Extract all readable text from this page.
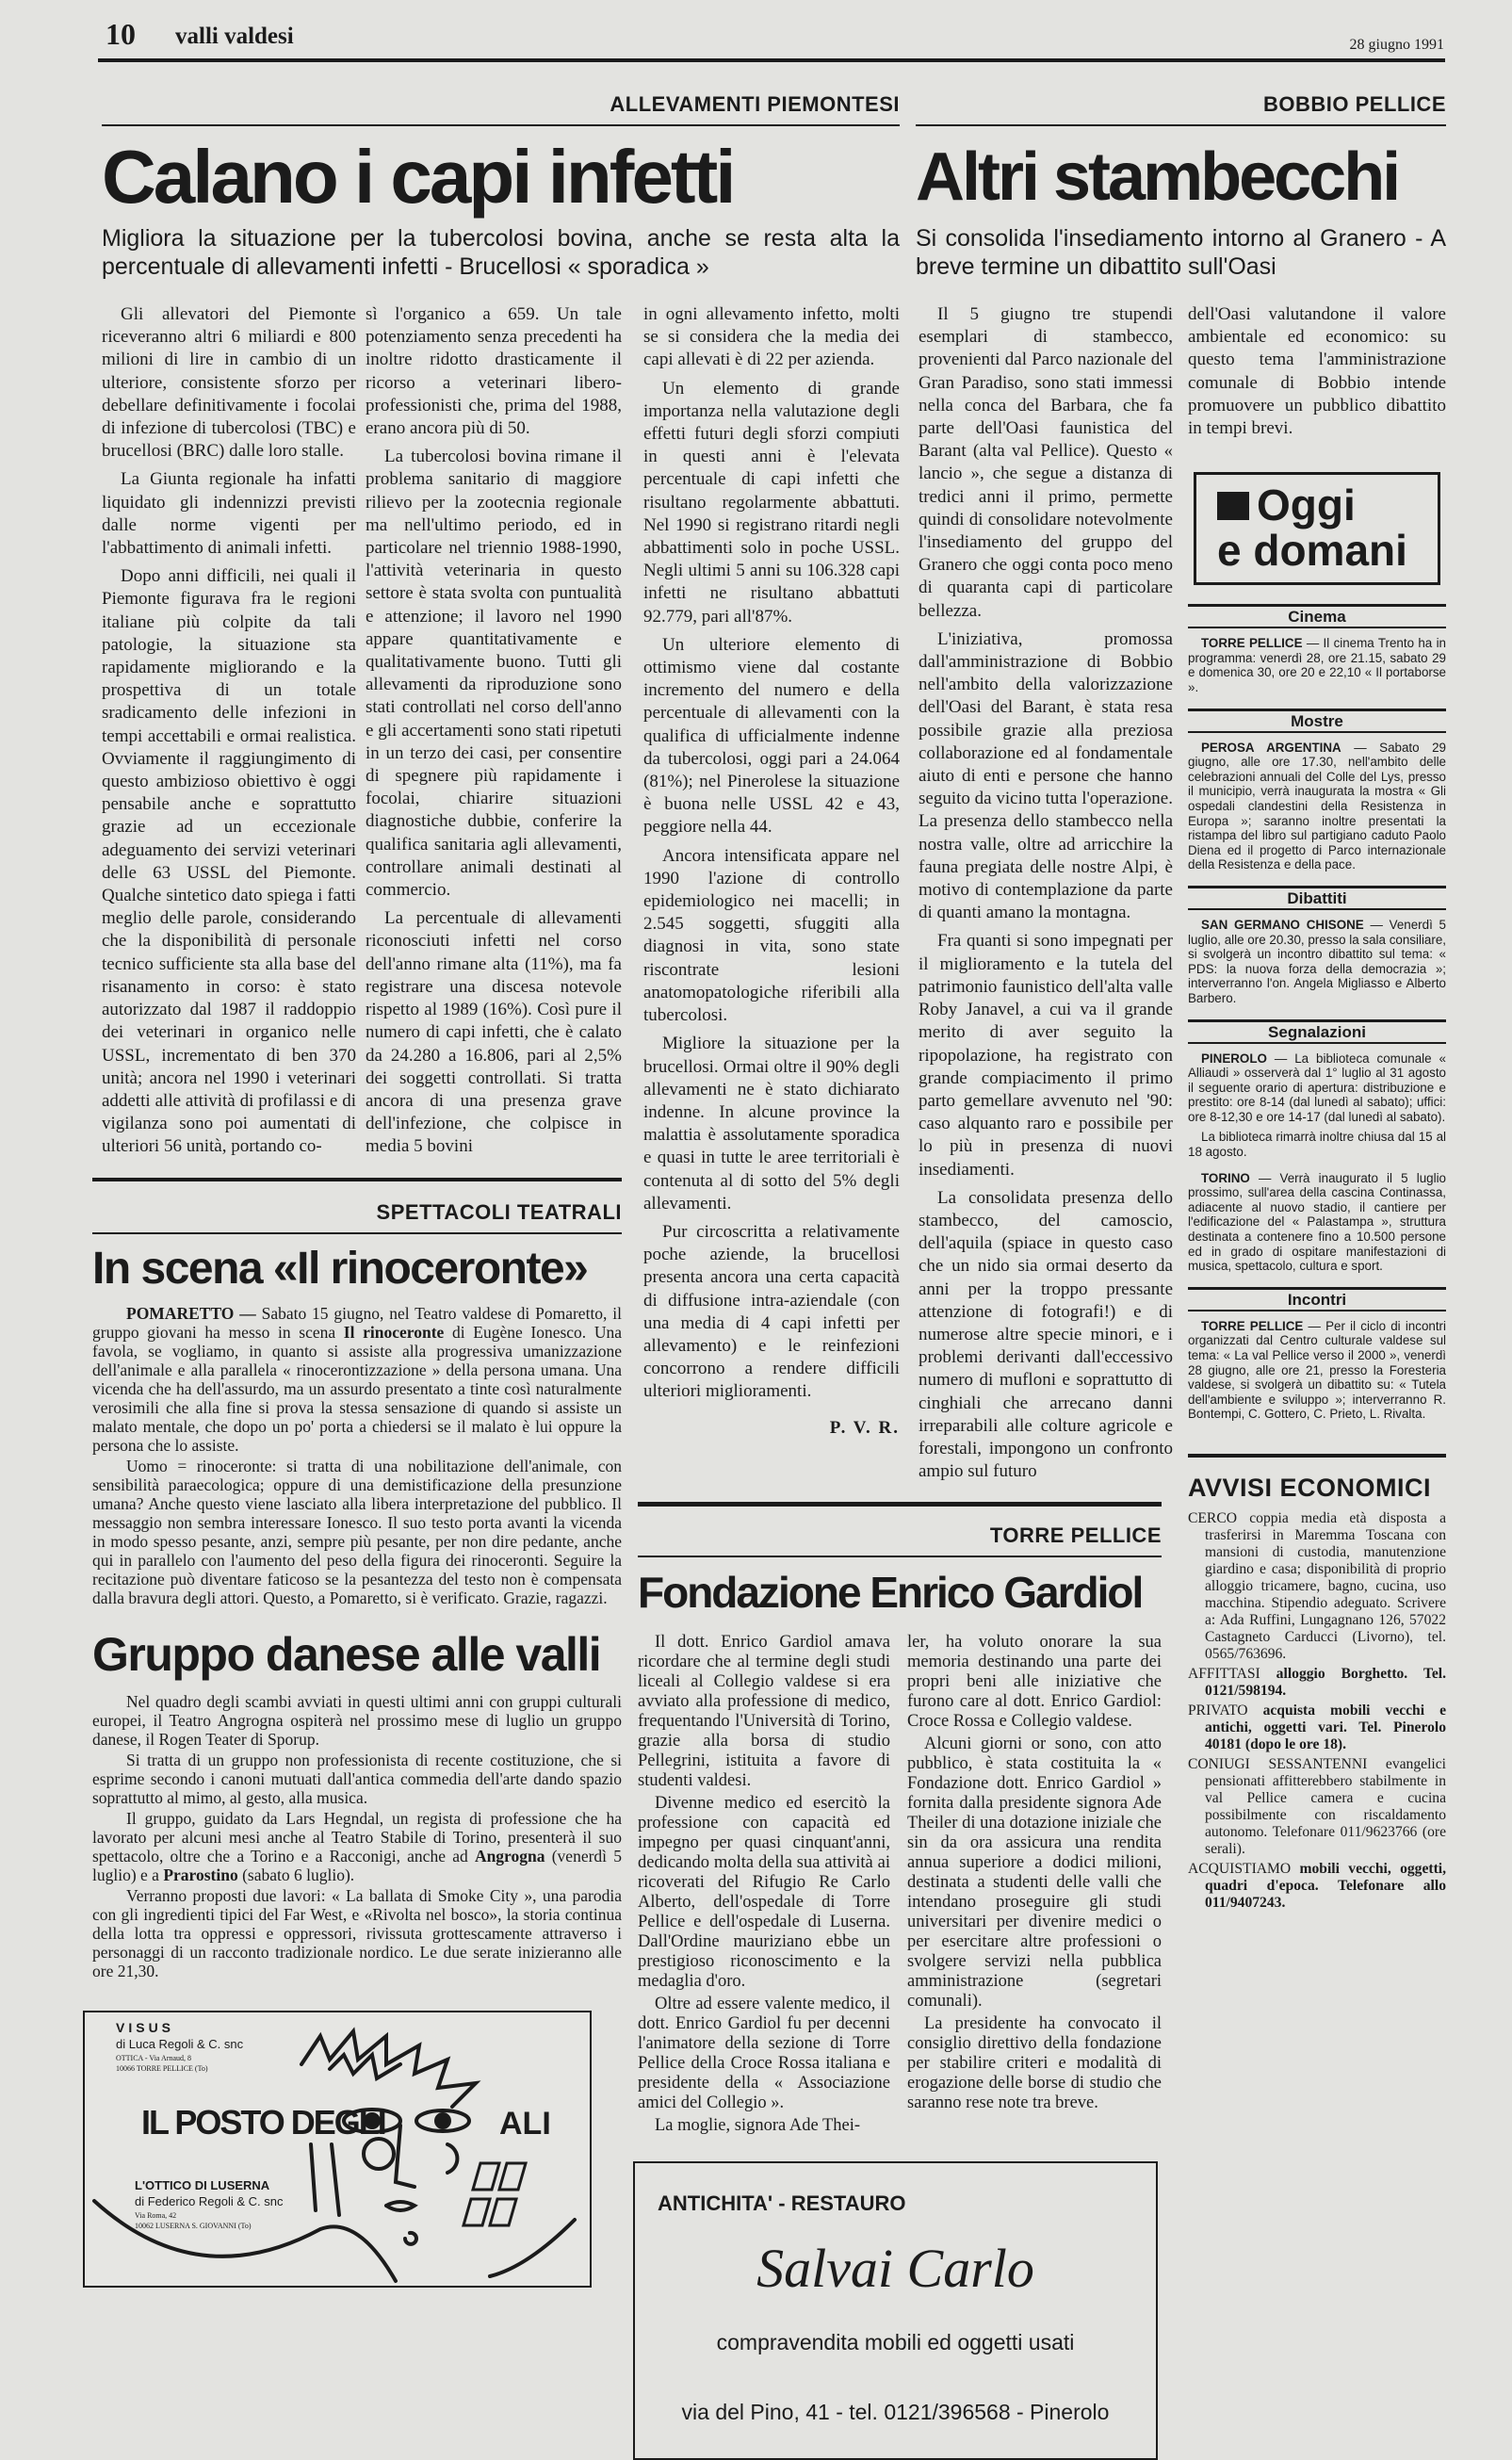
10 valli valdesi	28 giugno 1991
ALLEVAMENTI PIEMONTESI
Calano i capi infetti
Migliora la situazione per la tubercolosi bovina, anche se resta alta la percentuale di allevamenti infetti - Brucellosi « sporadica »
BOBBIO PELLICE
Altri stambecchi
Si consolida l'insediamento intorno al Granero - A breve termine un dibattito sull'Oasi

Gli allevatori del Piemonte riceveranno altri 6 miliardi e 800 milioni di lire in cambio di un ulteriore, consistente sforzo per debellare definitivamente i focolai di infezione di tubercolosi (TBC) e brucellosi (BRC) dalle loro stalle.

La Giunta regionale ha infatti liquidato gli indennizzi previsti dalle norme vigenti per l'abbattimento di animali infetti.

Dopo anni difficili, nei quali il Piemonte figurava fra le regioni italiane più colpite da tali patologie, la situazione sta rapidamente migliorando e la prospettiva di un totale sradicamento delle infezioni in tempi accettabili e ormai realistica. Ovviamente il raggiungimento di questo ambizioso obiettivo è oggi pensabile anche e soprattutto grazie ad un eccezionale adeguamento dei servizi veterinari delle 63 USSL del Piemonte. Qualche sintetico dato spiega i fatti meglio delle parole, considerando che la disponibilità di personale tecnico sufficiente sta alla base del risanamento in corso: è stato autorizzato dal 1987 il raddoppio dei veterinari in organico nelle USSL, incrementato di ben 370 unità; ancora nel 1990 i veterinari addetti alle attività di profilassi e di vigilanza sono poi aumentati di ulteriori 56 unità, portando co-

sì l'organico a 659. Un tale potenziamento senza precedenti ha inoltre ridotto drasticamente il ricorso a veterinari libero-professionisti che, prima del 1988, erano ancora più di 50.

La tubercolosi bovina rimane il problema sanitario di maggiore rilievo per la zootecnia regionale ma nell'ultimo periodo, ed in particolare nel triennio 1988-1990, l'attività veterinaria in questo settore è stata svolta con puntualità e attenzione; il lavoro nel 1990 appare quantitativamente e qualitativamente buono. Tutti gli allevamenti da riproduzione sono stati controllati nel corso dell'anno e gli accertamenti sono stati ripetuti in un terzo dei casi, per consentire di spegnere più rapidamente i focolai, chiarire situazioni diagnostiche dubbie, conferire la qualifica sanitaria agli allevamenti, controllare animali destinati al commercio.

La percentuale di allevamenti riconosciuti infetti nel corso dell'anno rimane alta (11%), ma fa registrare una discesa notevole rispetto al 1989 (16%). Così pure il numero di capi infetti, che è calato da 24.280 a 16.806, pari al 2,5% dei soggetti controllati. Si tratta ancora di una presenza grave dell'infezione, che colpisce in media 5 bovini

SPETTACOLI TEATRALI
In scena «Il rinoceronte»

POMARETTO — Sabato 15 giugno, nel Teatro valdese di Pomaretto, il gruppo giovani ha messo in scena Il rinoceronte di Eugène Ionesco. Una favola, se vogliamo, in quanto si assiste alla progressiva umanizzazione dell'animale e alla parallela « rinocerontizzazione » della persona umana. Una vicenda che ha dell'assurdo, ma un assurdo presentato a tinte così naturalmente verosimili che alla fine si prova la stessa sensazione di quando si assiste un malato mentale, che dopo un po' porta a chiedersi se il malato è lui oppure la persona che lo assiste.

Uomo = rinoceronte: si tratta di una nobilitazione dell'animale, con sensibilità paraecologica; oppure di una demistificazione della presunzione umana? Anche questo viene lasciato alla libera interpretazione del pubblico. Il messaggio non sembra interessare Ionesco. Il suo testo porta avanti la vicenda in modo spesso pesante, anzi, sempre più pesante, per non dire pedante, anche qui in parallelo con l'aumento del peso della figura dei rinoceronti. Seguire la recitazione può diventare faticoso se la pesantezza del testo non è compensata dalla bravura degli attori. Questo, a Pomaretto, si è verificato. Grazie, ragazzi.

Gruppo danese alle valli

Nel quadro degli scambi avviati in questi ultimi anni con gruppi culturali europei, il Teatro Angrogna ospiterà nel prossimo mese di luglio un gruppo danese, il Rogen Teater di Sporup.

Si tratta di un gruppo non professionista di recente costituzione, che si esprime secondo i canoni mutuati dall'antica commedia dell'arte dando spazio soprattutto al mimo, al gesto, alla musica.

Il gruppo, guidato da Lars Hegndal, un regista di professione che ha lavorato per alcuni mesi anche al Teatro Stabile di Torino, presenterà il suo spettacolo, oltre che a Torino e a Racconigi, anche ad Angrogna (venerdì 5 luglio) e a Prarostino (sabato 6 luglio).

Verranno proposti due lavori: « La ballata di Smoke City », una parodia con gli ingredienti tipici del Far West, e «Rivolta nel bosco», la storia continua della lotta tra oppressi e oppressori, rivissuta grottescamente attraverso i personaggi di un racconto tradizionale nordico. Le due serate inizieranno alle ore 21,30.

VISUS
di Luca Regoli & C. snc
OTTICA - Via Arnaud, 8
10066 TORRE PELLICE (To)
IL POSTO DEGLI	ALI
L'OTTICO DI LUSERNA
di Federico Regoli & C. snc
Via Roma, 42
10062 LUSERNA S. GIOVANNI (To)

in ogni allevamento infetto, molti se si considera che la media dei capi allevati è di 22 per azienda.

Un elemento di grande importanza nella valutazione degli effetti futuri degli sforzi compiuti in questi anni è l'elevata percentuale di capi infetti che risultano regolarmente abbattuti. Nel 1990 si registrano ritardi negli abbattimenti solo in poche USSL. Negli ultimi 5 anni su 106.328 capi infetti ne risultano abbattuti 92.779, pari all'87%.

Un ulteriore elemento di ottimismo viene dal costante incremento del numero e della percentuale di allevamenti con la qualifica di ufficialmente indenne da tubercolosi, oggi pari a 24.064 (81%); nel Pinerolese la situazione è buona nelle USSL 42 e 43, peggiore nella 44.

Ancora intensificata appare nel 1990 l'azione di controllo epidemiologico nei macelli; in 2.545 soggetti, sfuggiti alla diagnosi in vita, sono state riscontrate lesioni anatomopatologiche riferibili alla tubercolosi.

Migliore la situazione per la brucellosi. Ormai oltre il 90% degli allevamenti ne è stato dichiarato indenne. In alcune province la malattia è assolutamente sporadica e quasi in tutte le aree territoriali è contenuta al di sotto del 5% degli allevamenti.

Pur circoscritta a relativamente poche aziende, la brucellosi presenta ancora una certa capacità di diffusione intra-aziendale (con una media di 4 capi infetti per allevamento) e le reinfezioni concorrono a rendere difficili ulteriori miglioramenti.

P. V. R.

Il 5 giugno tre stupendi esemplari di stambecco, provenienti dal Parco nazionale del Gran Paradiso, sono stati immessi nella conca del Barbara, che fa parte dell'Oasi faunistica del Barant (alta val Pellice). Questo « lancio », che segue a distanza di tredici anni il primo, permette quindi di consolidare notevolmente l'insediamento del gruppo del Granero che oggi conta poco meno di quaranta capi di particolare bellezza.

L'iniziativa, promossa dall'amministrazione di Bobbio nell'ambito della valorizzazione dell'Oasi del Barant, è stata resa possibile grazie alla preziosa collaborazione ed al fondamentale aiuto di enti e persone che hanno seguito da vicino tutta l'operazione. La presenza dello stambecco nella nostra valle, oltre ad arricchire la fauna pregiata delle nostre Alpi, è motivo di contemplazione da parte di quanti amano la montagna.

Fra quanti si sono impegnati per il miglioramento e la tutela del patrimonio faunistico dell'alta valle Roby Janavel, a cui va il grande merito di aver seguito la ripopolazione, ha registrato con grande compiacimento il primo parto gemellare avvenuto nel '90: caso alquanto raro e possibile per lo più in presenza di nuovi insediamenti.

La consolidata presenza dello stambecco, del camoscio, dell'aquila (spiace in questo caso che un nido sia ormai deserto da anni per la troppo pressante attenzione di fotografi!) e di numerose altre specie minori, e i problemi derivanti dall'eccessivo numero di mufloni e soprattutto di cinghiali che arrecano danni irreparabili alle colture agricole e forestali, impongono un confronto ampio sul futuro

TORRE PELLICE
Fondazione Enrico Gardiol

Il dott. Enrico Gardiol amava ricordare che al termine degli studi liceali al Collegio valdese si era avviato alla professione di medico, frequentando l'Università di Torino, grazie alla borsa di studio Pellegrini, istituita a favore di studenti valdesi.

Divenne medico ed esercitò la professione con capacità ed impegno per quasi cinquant'anni, dedicando molta della sua attività ai ricoverati del Rifugio Re Carlo Alberto, dell'ospedale di Torre Pellice e dell'ospedale di Luserna. Dall'Ordine mauriziano ebbe un prestigioso riconoscimento e la medaglia d'oro.

Oltre ad essere valente medico, il dott. Enrico Gardiol fu per decenni l'animatore della sezione di Torre Pellice della Croce Rossa italiana e presidente della « Associazione amici del Collegio ».

La moglie, signora Ade Thei-

ler, ha voluto onorare la sua memoria destinando una parte dei propri beni alle iniziative che furono care al dott. Enrico Gardiol: Croce Rossa e Collegio valdese.

Alcuni giorni or sono, con atto pubblico, è stata costituita la « Fondazione dott. Enrico Gardiol » fornita dalla presidente signora Ade Theiler di una dotazione iniziale che sin da ora assicura una rendita annua superiore a dodici milioni, destinata a studenti delle valli che intendano proseguire gli studi universitari per divenire medici o per esercitare altre professioni o svolgere servizi nella pubblica amministrazione (segretari comunali).

La presidente ha convocato il consiglio direttivo della fondazione per stabilire criteri e modalità di erogazione delle borse di studio che saranno rese note tra breve.

ANTICHITA' - RESTAURO
Salvai Carlo
compravendita mobili ed oggetti usati
via del Pino, 41 - tel. 0121/396568 - Pinerolo

dell'Oasi valutandone il valore ambientale ed economico: su questo tema l'amministrazione comunale di Bobbio intende promuovere un pubblico dibattito in tempi brevi.

Oggi
e domani
Cinema

TORRE PELLICE — Il cinema Trento ha in programma: venerdì 28, ore 21.15, sabato 29 e domenica 30, ore 20 e 22,10 « Il portaborse ».

Mostre

PEROSA ARGENTINA — Sabato 29 giugno, alle ore 17.30, nell'ambito delle celebrazioni annuali del Colle del Lys, presso il municipio, verrà inaugurata la mostra « Gli ospedali clandestini della Resistenza in Europa »; saranno inoltre presentati la ristampa del libro sul partigiano caduto Paolo Diena ed il progetto di Parco internazionale della Resistenza e della pace.

Dibattiti

SAN GERMANO CHISONE — Venerdì 5 luglio, alle ore 20.30, presso la sala consiliare, si svolgerà un incontro dibattito sul tema: « PDS: la nuova forza della democrazia »; interverranno l'on. Angela Migliasso e Alberto Barbero.

Segnalazioni

PINEROLO — La biblioteca comunale « Alliaudi » osserverà dal 1° luglio al 31 agosto il seguente orario di apertura: distribuzione e prestito: ore 8-14 (dal lunedì al sabato); uffici: ore 8-12,30 e ore 14-17 (dal lunedì al sabato).

La biblioteca rimarrà inoltre chiusa dal 15 al 18 agosto.

TORINO — Verrà inaugurato il 5 luglio prossimo, sull'area della cascina Continassa, adiacente al nuovo stadio, il cantiere per l'edificazione del « Palastampa », struttura destinata a contenere fino a 10.500 persone ed in grado di ospitare manifestazioni di musica, spettacolo, cultura e sport.

Incontri

TORRE PELLICE — Per il ciclo di incontri organizzati dal Centro culturale valdese sul tema: « La val Pellice verso il 2000 », venerdì 28 giugno, alle ore 21, presso la Foresteria valdese, si svolgerà un dibattito su: « Tutela dell'ambiente e sviluppo »; interverranno R. Bontempi, C. Gottero, C. Prieto, L. Rivalta.

AVVISI ECONOMICI

CERCO coppia media età disposta a trasferirsi in Maremma Toscana con mansioni di custodia, manutenzione giardino e casa; disponibilità di proprio alloggio tricamere, bagno, cucina, uso macchina. Stipendio adeguato. Scrivere a: Ada Ruffini, Lungagnano 126, 57022 Castagneto Carducci (Livorno), tel. 0565/763696.

AFFITTASI alloggio Borghetto. Tel. 0121/598194.

PRIVATO acquista mobili vecchi e antichi, oggetti vari. Tel. Pinerolo 40181 (dopo le ore 18).

CONIUGI SESSANTENNI evangelici pensionati affitterebbero stabilmente in val Pellice camera e cucina possibilmente con riscaldamento autonomo. Telefonare 011/9623766 (ore serali).

ACQUISTIAMO mobili vecchi, oggetti, quadri d'epoca. Telefonare allo 011/9407243.
